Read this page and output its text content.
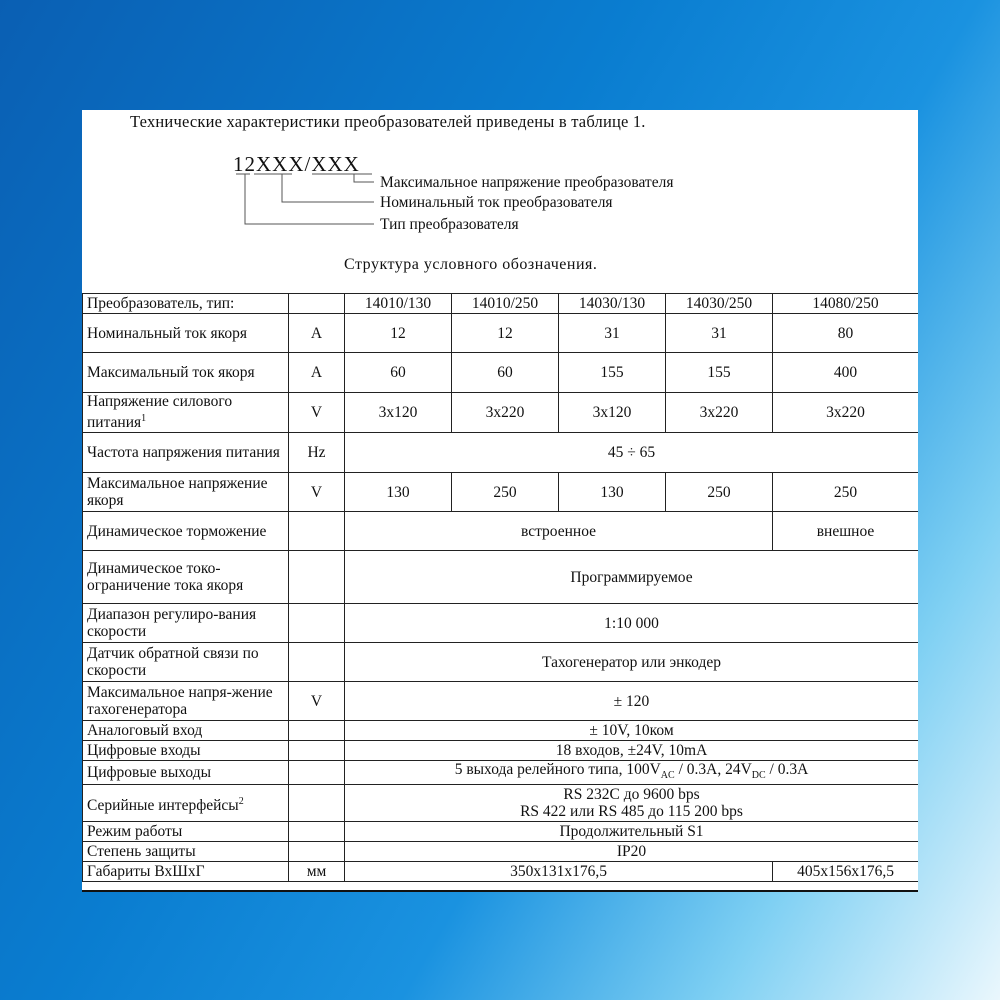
Технические характеристики преобразователей приведены в таблице 1.
12XXX/XXX
Максимальное напряжение преобразователя
Номинальный ток преобразователя
Тип преобразователя
Структура условного обозначения.
Преобразователь, тип:		14010/130	14010/250	14030/130	14030/250	14080/250
Номинальный ток якоря	A	12	12	31	31	80
Максимальный ток якоря	A	60	60	155	155	400
Напряжение силового питания$^1$	V	3x120	3x220	3x120	3x220	3x220
Частота напряжения питания	Hz	45 ÷ 65				
Максимальное напряжение якоря	V	130	250	130	250	250
Динамическое торможение		встроенное				внешное
Динамическое токо-ограничение тока якоря		Программируемое				
Диапазон регулиро-вания скорости		1:10 000				
Датчик обратной связи по скорости		Тахогенератор или энкодер				
Максимальное напря-жение тахогенератора	V	± 120				
Аналоговый вход		± 10V, 10ком				
Цифровые входы		18 входов, ±24V, 10mA				
Цифровые выходы		5 выхода релейного типа, $100V_{AC} / 0.3A$, $24V_{DC} / 0.3A$				
Серийные интерфейсы$^2$		RS 232C до 9600 bps
RS 422 или RS 485 до 115 200 bps				

Режим работы		Продолжительный S1				
Степень защиты		IP20				
Габариты ВхШхГ	мм	350x131x176,5				405x156x176,5
